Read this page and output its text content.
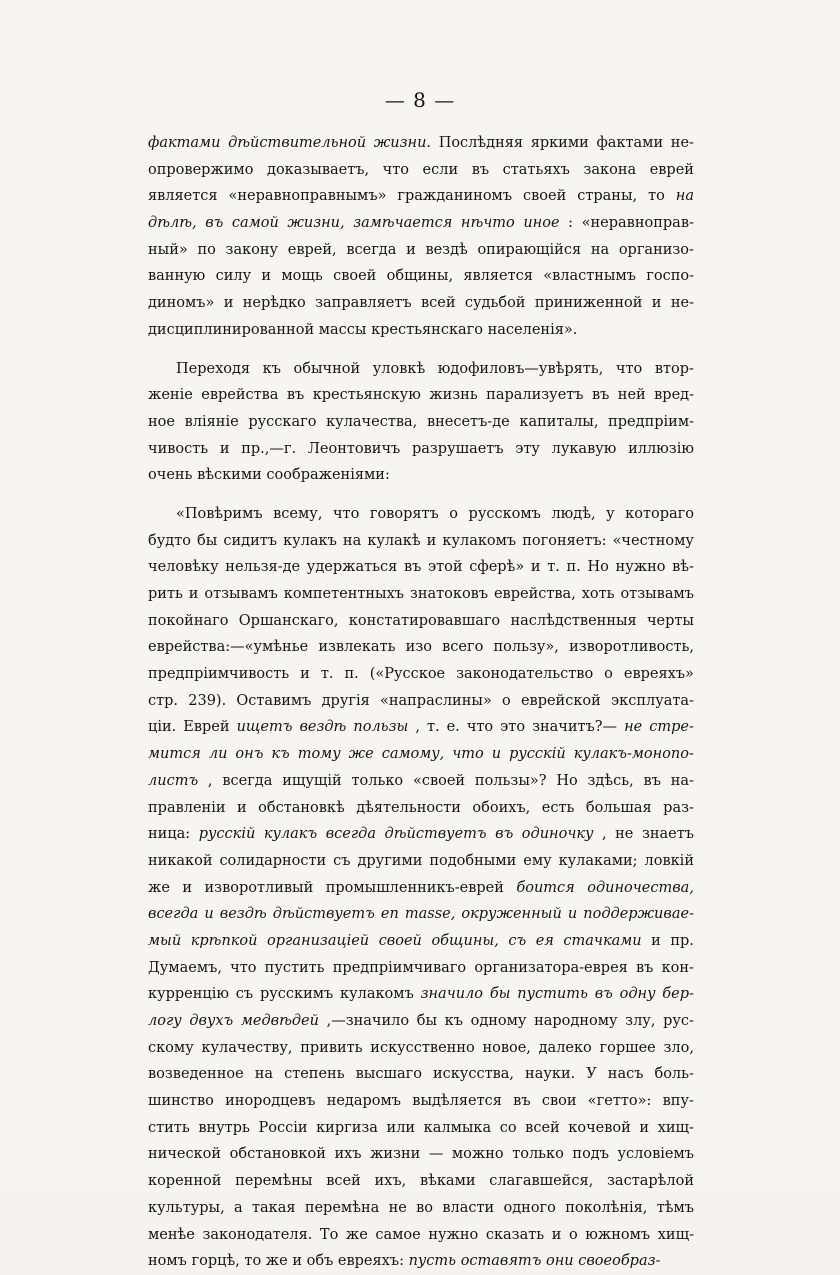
— 8 —
фактами дѣйствительной жизни. Послѣдняя яркими фактами не-
опровержимо доказываетъ, что если въ статьяхъ закона еврей
является «неравноправнымъ» гражданиномъ своей страны, то на
дѣлѣ, въ самой жизни, замѣчается нѣчто иное : «неравноправ-
ный» по закону еврей, всегда и вездѣ опирающійся на организо-
ванную силу и мощь своей общины, является «властнымъ госпо-
диномъ» и нерѣдко заправляетъ всей судьбой приниженной и не-
дисциплинированной массы крестьянскаго населенія».
Переходя къ обычной уловкѣ юдофиловъ—увѣрять, что втор-
женіе еврейства въ крестьянскую жизнь парализуетъ въ ней вред-
ное вліяніе русскаго кулачества, внесетъ-де капиталы, предпріим-
чивость и пр.,—г. Леонтовичъ разрушаетъ эту лукавую иллюзію
очень вѣскими соображеніями:
«Повѣримъ всему, что говорятъ о русскомъ людѣ, у котораго
будто бы сидитъ кулакъ на кулакѣ и кулакомъ погоняетъ: «честному
человѣку нельзя-де удержаться въ этой сферѣ» и т. п. Но нужно вѣ-
рить и отзывамъ компетентныхъ знатоковъ еврейства, хоть отзывамъ
покойнаго Оршанскаго, констатировавшаго наслѣдственныя черты
еврейства:—«умѣнье извлекать изо всего пользу», изворотливость,
предпріимчивость и т. п. («Русское законодательство о евреяхъ»
стр. 239). Оставимъ другія «напраслины» о еврейской эксплуата-
ціи. Еврей ищетъ вездѣ пользы , т. е. что это значитъ?— не стре-
мится ли онъ къ тому же самому, что и русскій кулакъ-монопо-
листъ , всегда ищущій только «своей пользы»? Но здѣсь, въ на-
правленіи и обстановкѣ дѣятельности обоихъ, есть большая раз-
ница: русскій кулакъ всегда дѣйствуетъ въ одиночку , не знаетъ
никакой солидарности съ другими подобными ему кулаками; ловкій
же и изворотливый промышленникъ-еврей боится одиночества,
всегда и вездѣ дѣйствуетъ en masse, окруженный и поддерживае-
мый крѣпкой организаціей своей общины, съ ея стачками и пр.
Думаемъ, что пустить предпріимчиваго организатора-еврея въ кон-
курренцію съ русскимъ кулакомъ значило бы пустить въ одну бер-
логу двухъ медвѣдей ,—значило бы къ одному народному злу, рус-
скому кулачеству, привить искусственно новое, далеко горшее зло,
возведенное на степень высшаго искусства, науки. У насъ боль-
шинство инородцевъ недаромъ выдѣляется въ свои «гетто»: впу-
стить внутрь Россіи киргиза или калмыка со всей кочевой и хищ-
нической обстановкой ихъ жизни — можно только подъ условіемъ
коренной перемѣны всей ихъ, вѣками слагавшейся, застарѣлой
культуры, а такая перемѣна не во власти одного поколѣнія, тѣмъ
менѣе законодателя. То же самое нужно сказать и о южномъ хищ-
номъ горцѣ, то же и объ евреяхъ: пусть оставятъ они своеобраз-
